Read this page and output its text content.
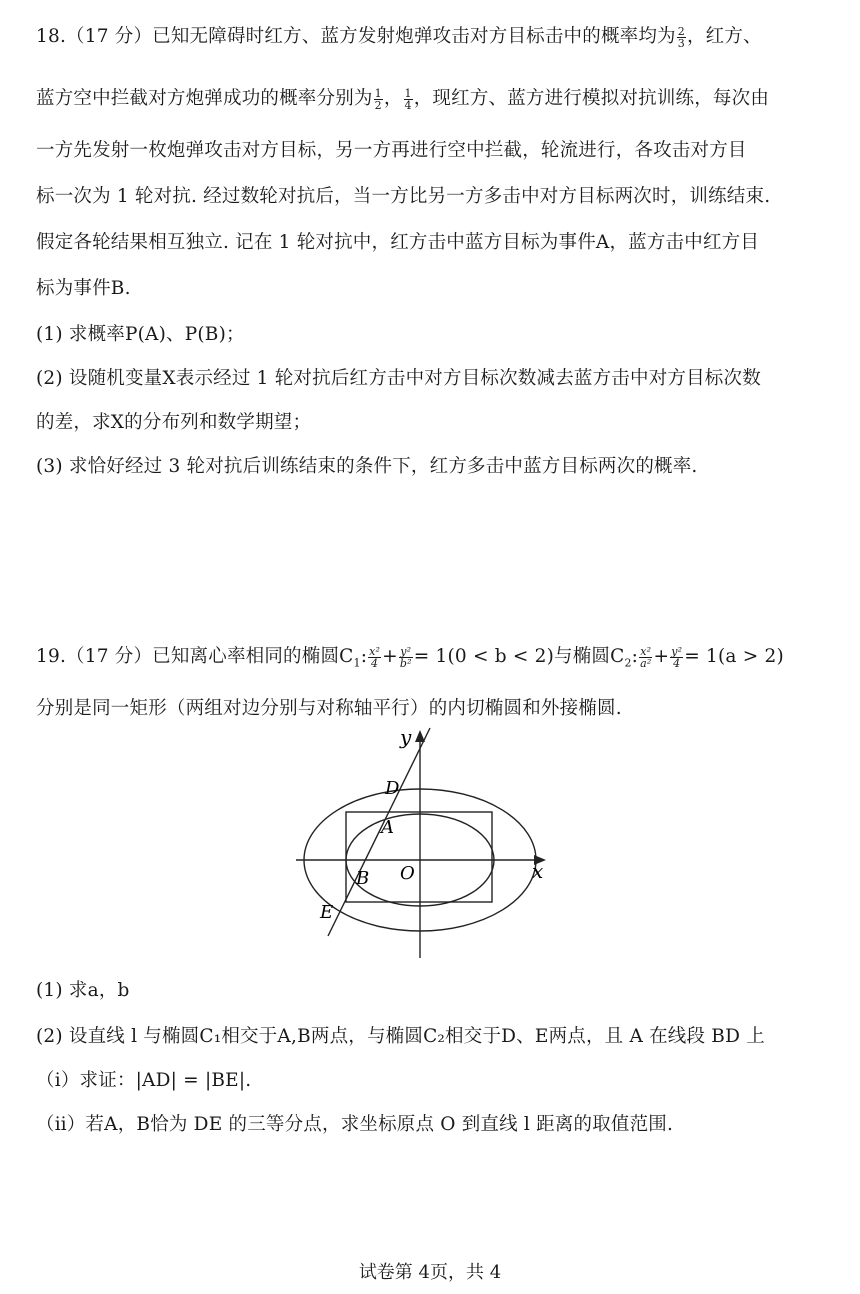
18.（17 分）已知无障碍时红方、蓝方发射炮弹攻击对方目标击中的概率均为 $\frac{2}{3}$ ，红方、
蓝方空中拦截对方炮弹成功的概率分别为 $\frac{1}{2}$ ， $\frac{1}{4}$ ，现红方、蓝方进行模拟对抗训练，每次由
一方先发射一枚炮弹攻击对方目标，另一方再进行空中拦截，轮流进行，各攻击对方目
标一次为 1 轮对抗. 经过数轮对抗后，当一方比另一方多击中对方目标两次时，训练结束.
假定各轮结果相互独立. 记在 1 轮对抗中，红方击中蓝方目标为事件A，蓝方击中红方目
标为事件B.
(1) 求概率P(A)、P(B)；
(2) 设随机变量X表示经过 1 轮对抗后红方击中对方目标次数减去蓝方击中对方目标次数
的差，求X的分布列和数学期望；
(3) 求恰好经过 3 轮对抗后训练结束的条件下，红方多击中蓝方目标两次的概率.
19.（17 分）已知离心率相同的椭圆$C_1$: $\frac{\text{x²}}{4} + \frac{\text{y²}}{\text{b²}} = 1(0 < b < 2)$与椭圆$C_2$: $\frac{\text{x²}}{\text{a²}} + \frac{\text{y²}}{4} = 1(a > 2)$
分别是同一矩形（两组对边分别与对称轴平行）的内切椭圆和外接椭圆.
y
x
O
D
A
B
E
(1) 求a，b
(2) 设直线 l 与椭圆C₁相交于A,B两点，与椭圆C₂相交于D、E两点，且 A 在线段 BD 上
（ⅰ）求证：|AD| = |BE|.
（ⅱ）若A，B恰为 DE 的三等分点，求坐标原点 O 到直线 l 距离的取值范围.
试卷第 4页，共 4
